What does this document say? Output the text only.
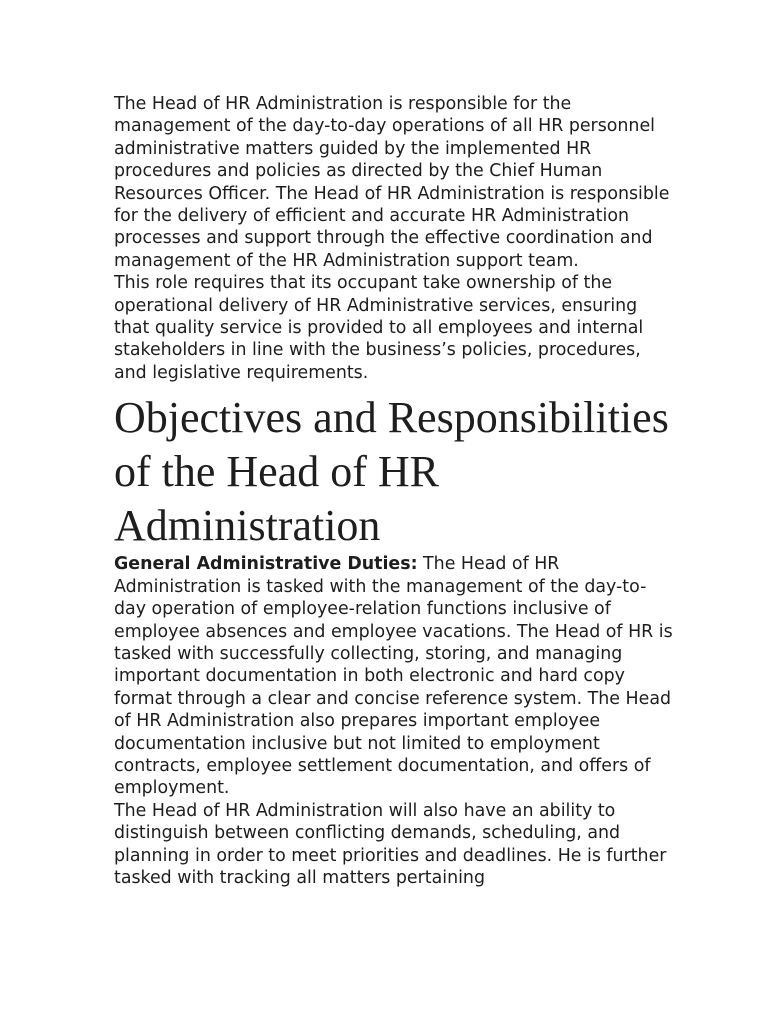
The Head of HR Administration is responsible for the management of the day-to-day operations of all HR personnel administrative matters guided by the implemented HR procedures and policies as directed by the Chief Human Resources Officer. The Head of HR Administration is responsible for the delivery of efficient and accurate HR Administration processes and support through the effective coordination and management of the HR Administration support team.

This role requires that its occupant take ownership of the operational delivery of HR Administrative services, ensuring that quality service is provided to all employees and internal stakeholders in line with the business’s policies, procedures, and legislative requirements.

Objectives and Responsibilities of the Head of HR Administration

General Administrative Duties: The Head of HR Administration is tasked with the management of the day-to-day operation of employee-relation functions inclusive of employee absences and employee vacations. The Head of HR is tasked with successfully collecting, storing, and managing important documentation in both electronic and hard copy format through a clear and concise reference system. The Head of HR Administration also prepares important employee documentation inclusive but not limited to employment contracts, employee settlement documentation, and offers of employment.

The Head of HR Administration will also have an ability to distinguish between conflicting demands, scheduling, and planning in order to meet priorities and deadlines. He is further tasked with tracking all matters pertaining
